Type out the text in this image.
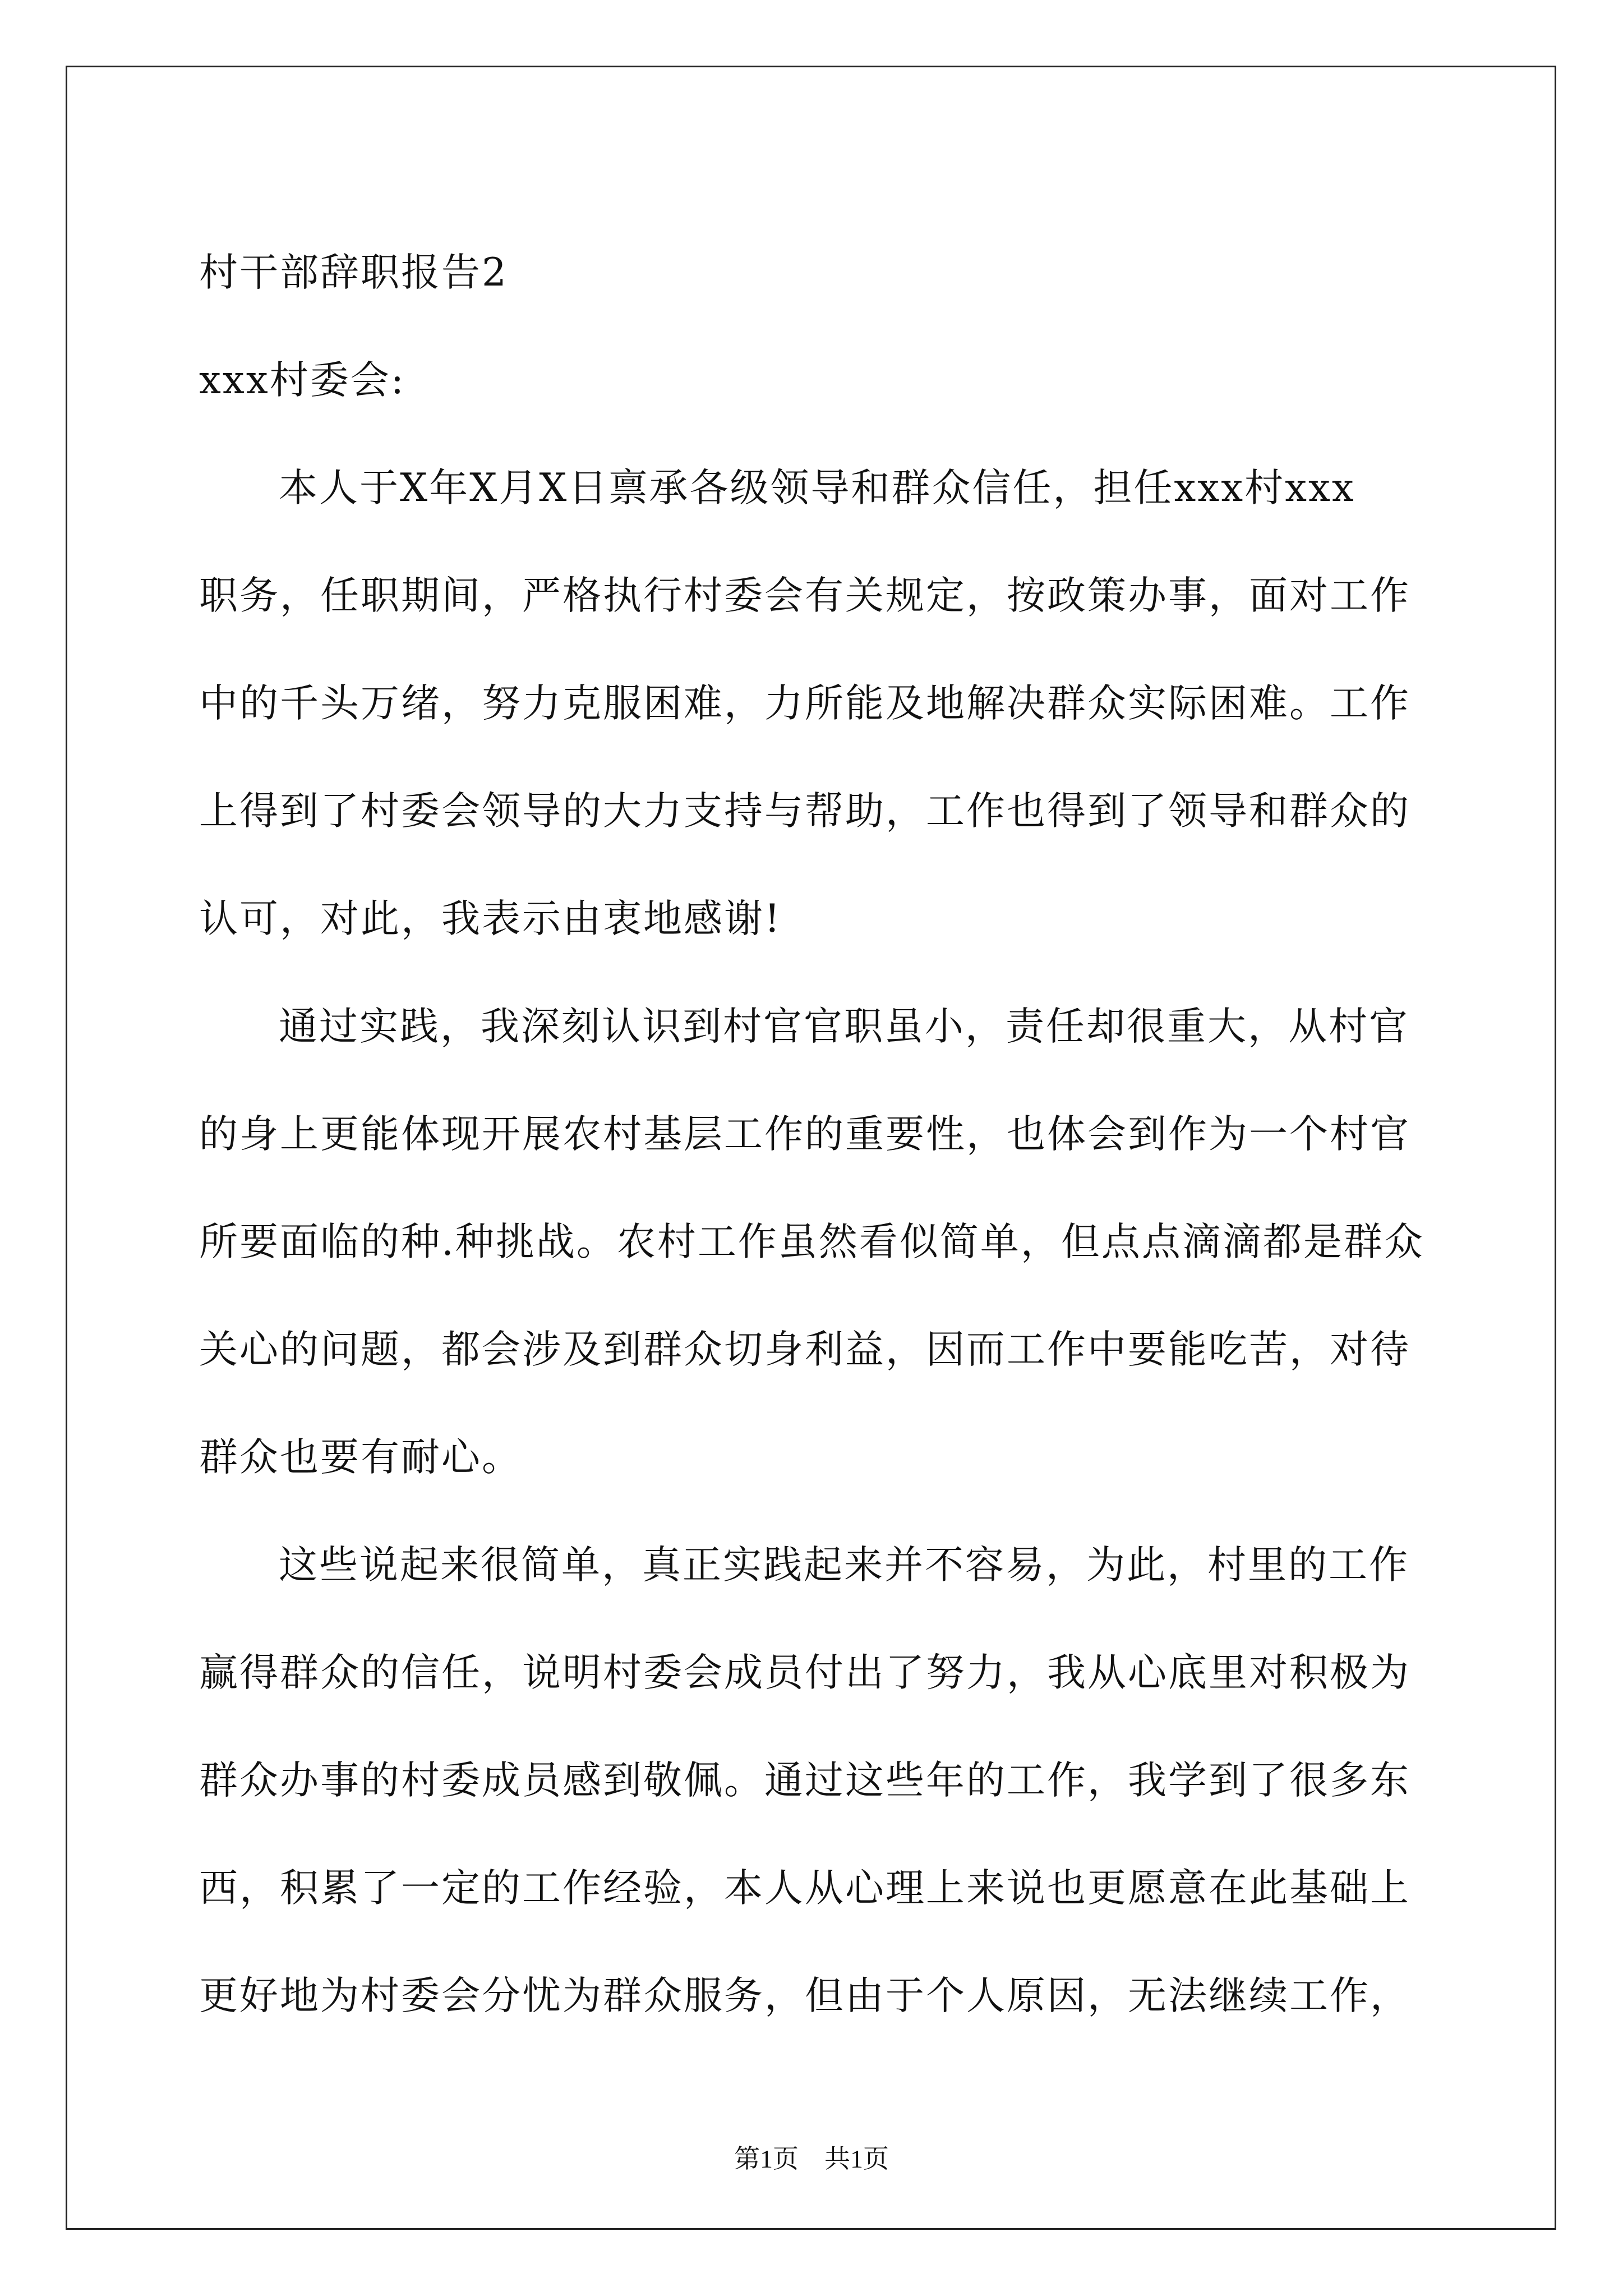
村干部辞职报告2
xxx村委会:
本人于X年X月X日禀承各级领导和群众信任，担任xxx村xxx
职务，任职期间，严格执行村委会有关规定，按政策办事，面对工作
中的千头万绪，努力克服困难，力所能及地解决群众实际困难。工作
上得到了村委会领导的大力支持与帮助，工作也得到了领导和群众的
认可，对此，我表示由衷地感谢!
通过实践，我深刻认识到村官官职虽小，责任却很重大，从村官
的身上更能体现开展农村基层工作的重要性，也体会到作为一个村官
所要面临的种.种挑战。农村工作虽然看似简单，但点点滴滴都是群众
关心的问题，都会涉及到群众切身利益，因而工作中要能吃苦，对待
群众也要有耐心。
这些说起来很简单，真正实践起来并不容易，为此，村里的工作
赢得群众的信任，说明村委会成员付出了努力，我从心底里对积极为
群众办事的村委成员感到敬佩。通过这些年的工作，我学到了很多东
西，积累了一定的工作经验，本人从心理上来说也更愿意在此基础上
更好地为村委会分忧为群众服务，但由于个人原因，无法继续工作，
第1页　共1页
